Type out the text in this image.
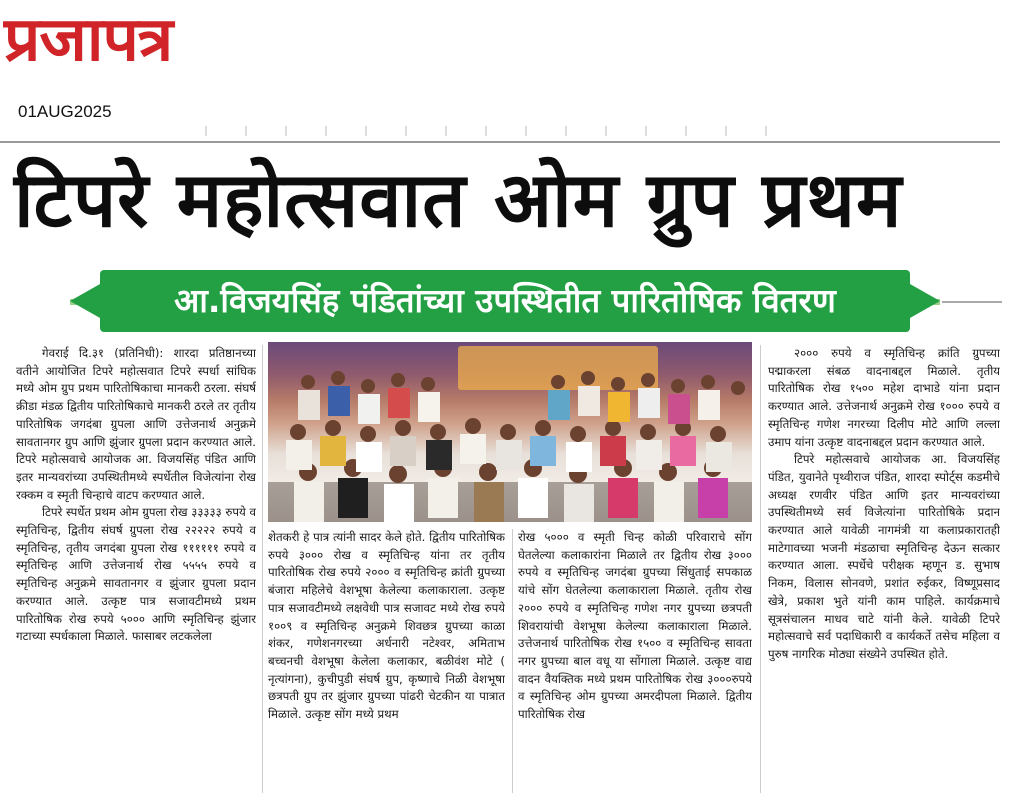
प्रजापत्र
01AUG2025
टिपरे महोत्सवात ओम ग्रुप प्रथम
आ.विजयसिंह पंडितांच्या उपस्थितीत पारितोषिक वितरण

गेवराई दि.३१ (प्रतिनिधी): शारदा प्रतिष्ठानच्या वतीने आयोजित टिपरे महोत्सवात टिपरे स्पर्धा सांघिक मध्ये ओम ग्रुप प्रथम पारितोषिकाचा मानकरी ठरला. संघर्ष क्रीडा मंडळ द्वितीय पारितोषिकाचे मानकरी ठरले तर तृतीय पारितोषिक जगदंबा ग्रुपला आणि उत्तेजनार्थ अनुक्रमे सावतानगर ग्रुप आणि झुंजार ग्रुपला प्रदान करण्यात आले. टिपरे महोत्सवाचे आयोजक आ. विजयसिंह पंडित आणि इतर मान्यवरांच्या उपस्थितीमध्ये स्पर्धेतील विजेत्यांना रोख रक्कम व स्मृती चिन्हाचे वाटप करण्यात आले.

टिपरे स्पर्धेत प्रथम ओम ग्रुपला रोख ३३३३३ रुपये व स्मृतिचिन्ह, द्वितीय संघर्ष ग्रुपला रोख २२२२२ रुपये व स्मृतिचिन्ह, तृतीय जगदंबा ग्रुपला रोख ११११११ रुपये व स्मृतिचिन्ह आणि उत्तेजनार्थ रोख ५५५५ रुपये व स्मृतिचिन्ह अनुक्रमे सावतानगर व झुंजार ग्रुपला प्रदान करण्यात आले. उत्कृष्ट पात्र सजावटीमध्ये प्रथम पारितोषिक रोख रुपये ५००० आणि स्मृतिचिन्ह झुंजार गटाच्या स्पर्धकाला मिळाले. फासाबर लटकलेला

शेतकरी हे पात्र त्यांनी सादर केले होते. द्वितीय पारितोषिक रुपये ३००० रोख व स्मृतिचिन्ह यांना तर तृतीय पारितोषिक रोख रुपये २००० व स्मृतिचिन्ह क्रांती ग्रुपच्या बंजारा महिलेचे वेशभूषा केलेल्या कलाकाराला. उत्कृष्ट पात्र सजावटीमध्ये लक्षवेधी पात्र सजावट मध्ये रोख रुपये १००९ व स्मृतिचिन्ह अनुक्रमे शिवछत्र ग्रुपच्या काळा शंकर, गणेशनगरच्या अर्धनारी नटेश्वर, अमिताभ बच्चनची वेशभूषा केलेला कलाकार, बळीवंश मोटे ( नृत्यांगना), कुचीपुडी संघर्ष ग्रुप, कृष्णाचे निळी वेशभूषा छत्रपती ग्रुप तर झुंजार ग्रुपच्या पांढरी चेटकीन या पात्रात मिळाले. उत्कृष्ट सोंग मध्ये प्रथम
रोख ५००० व स्मृती चिन्ह कोळी परिवाराचे सोंग घेतलेल्या कलाकारांना मिळाले तर द्वितीय रोख ३००० रुपये व स्मृतिचिन्ह जगदंबा ग्रुपच्या सिंधुताई सपकाळ यांचे सोंग घेतलेल्या कलाकाराला मिळाले. तृतीय रोख २००० रुपये व स्मृतिचिन्ह गणेश नगर ग्रुपच्या छत्रपती शिवरायांची वेशभूषा केलेल्या कलाकाराला मिळाले. उत्तेजनार्थ पारितोषिक रोख १५०० व स्मृतिचिन्ह सावता नगर ग्रुपच्या बाल वधू या सोंगाला मिळाले. उत्कृष्ट वाद्य वादन वैयक्तिक मध्ये प्रथम पारितोषिक रोख ३०००रुपये व स्मृतिचिन्ह ओम ग्रुपच्या अमरदीपला मिळाले. द्वितीय पारितोषिक रोख

२००० रुपये व स्मृतिचिन्ह क्रांति ग्रुपच्या पद्माकरला संबळ वादनाबद्दल मिळाले. तृतीय पारितोषिक रोख १५०० महेश दाभाडे यांना प्रदान करण्यात आले. उत्तेजनार्थ अनुक्रमे रोख १००० रुपये व स्मृतिचिन्ह गणेश नगरच्या दिलीप मोटे आणि लल्ला उमाप यांना उत्कृष्ट वादनाबद्दल प्रदान करण्यात आले.

टिपरे महोत्सवाचे आयोजक आ. विजयसिंह पंडित, युवानेते पृथ्वीराज पंडित, शारदा स्पोर्ट्स कडमीचे अध्यक्ष रणवीर पंडित आणि इतर मान्यवरांच्या उपस्थितीमध्ये सर्व विजेत्यांना पारितोषिके प्रदान करण्यात आले यावेळी नागमंत्री या कलाप्रकारातही माटेगावच्या भजनी मंडळाचा स्मृतिचिन्ह देऊन सत्कार करण्यात आला. स्पर्धेचे परीक्षक म्हणून ड. सुभाष निकम, विलास सोनवणे, प्रशांत रुईकर, विष्णूप्रसाद खेत्रे, प्रकाश भुते यांनी काम पाहिले. कार्यक्रमाचे सूत्रसंचालन माधव चाटे यांनी केले. यावेळी टिपरे महोत्सवाचे सर्व पदाधिकारी व कार्यकर्ते तसेच महिला व पुरुष नागरिक मोठ्या संख्येने उपस्थित होते.
